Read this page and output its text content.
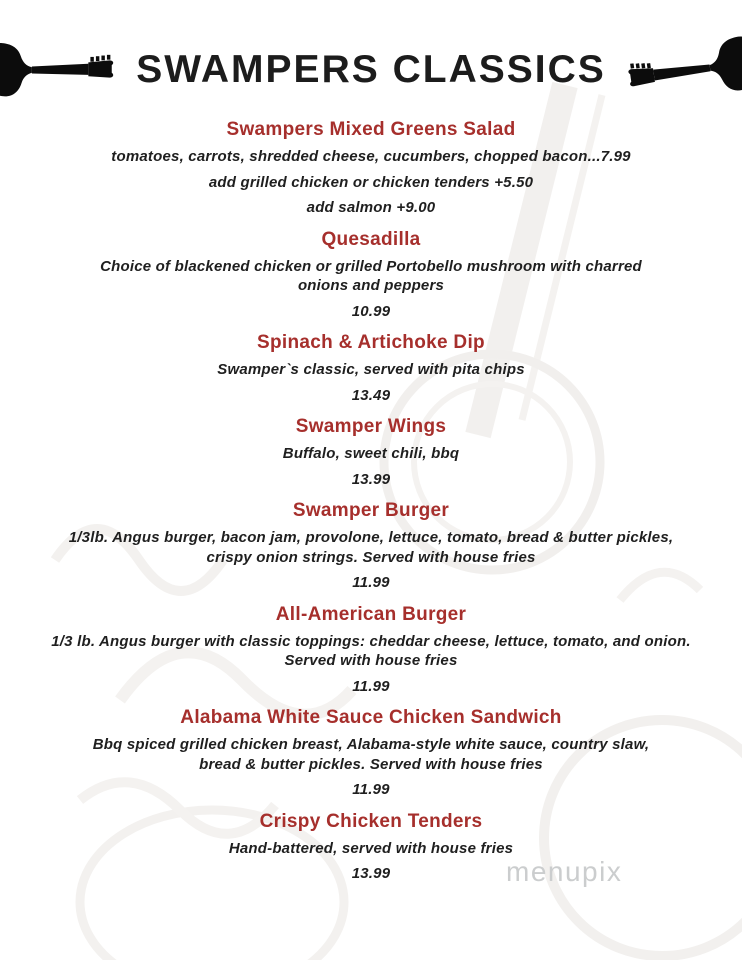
SWAMPERS CLASSICS
Swampers Mixed Greens Salad

tomatoes, carrots, shredded cheese, cucumbers, chopped bacon...7.99

add grilled chicken or chicken tenders +5.50

add salmon +9.00

Quesadilla

Choice of blackened chicken or grilled Portobello mushroom with charred
onions and peppers

10.99

Spinach & Artichoke Dip

Swamper`s classic, served with pita chips

13.49

Swamper Wings

Buffalo, sweet chili, bbq

13.99

Swamper Burger

1/3lb. Angus burger, bacon jam, provolone, lettuce, tomato, bread & butter pickles,
crispy onion strings. Served with house fries

11.99

All-American Burger

1/3 lb. Angus burger with classic toppings: cheddar cheese, lettuce, tomato, and onion.
Served with house fries

11.99

Alabama White Sauce Chicken Sandwich

Bbq spiced grilled chicken breast, Alabama-style white sauce, country slaw,
bread & butter pickles. Served with house fries

11.99

Crispy Chicken Tenders

Hand-battered, served with house fries

13.99	menupix
